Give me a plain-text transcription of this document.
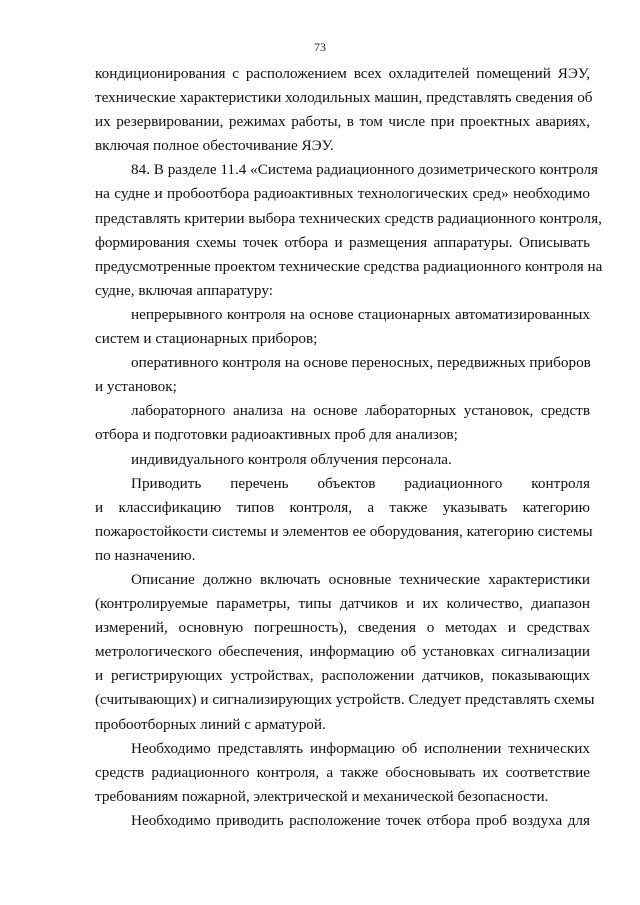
73
кондиционирования с расположением всех охладителей помещений ЯЭУ,
технические характеристики холодильных машин, представлять сведения об
их резервировании, режимах работы, в том числе при проектных авариях,
включая полное обесточивание ЯЭУ.
84. В разделе 11.4 «Система радиационного дозиметрического контроля
на судне и пробоотбора радиоактивных технологических сред» необходимо
представлять критерии выбора технических средств радиационного контроля,
формирования схемы точек отбора и размещения аппаратуры. Описывать
предусмотренные проектом технические средства радиационного контроля на
судне, включая аппаратуру:
непрерывного контроля на основе стационарных автоматизированных
систем и стационарных приборов;
оперативного контроля на основе переносных, передвижных приборов
и установок;
лабораторного анализа на основе лабораторных установок, средств
отбора и подготовки радиоактивных проб для анализов;
индивидуального контроля облучения персонала.
Приводить перечень объектов радиационного контроля
и классификацию типов контроля, а также указывать категорию
пожаростойкости системы и элементов ее оборудования, категорию системы
по назначению.
Описание должно включать основные технические характеристики
(контролируемые параметры, типы датчиков и их количество, диапазон
измерений, основную погрешность), сведения о методах и средствах
метрологического обеспечения, информацию об установках сигнализации
и регистрирующих устройствах, расположении датчиков, показывающих
(считывающих) и сигнализирующих устройств. Следует представлять схемы
пробоотборных линий с арматурой.
Необходимо представлять информацию об исполнении технических
средств радиационного контроля, а также обосновывать их соответствие
требованиям пожарной, электрической и механической безопасности.
Необходимо приводить расположение точек отбора проб воздуха для
